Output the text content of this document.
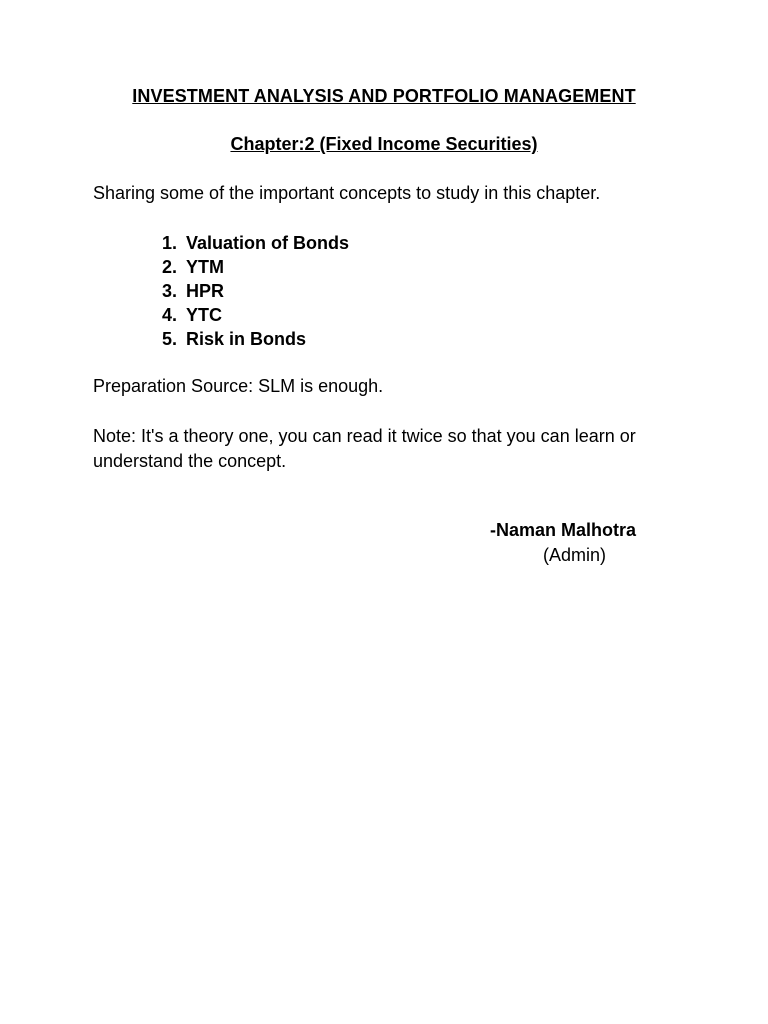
INVESTMENT ANALYSIS AND PORTFOLIO MANAGEMENT
Chapter:2 (Fixed Income Securities)
Sharing some of the important concepts to study in this chapter.
1. Valuation of Bonds
2. YTM
3. HPR
4. YTC
5. Risk in Bonds
Preparation Source: SLM is enough.
Note: It's a theory one, you can read it twice so that you can learn or understand the concept.
-Naman Malhotra
(Admin)
